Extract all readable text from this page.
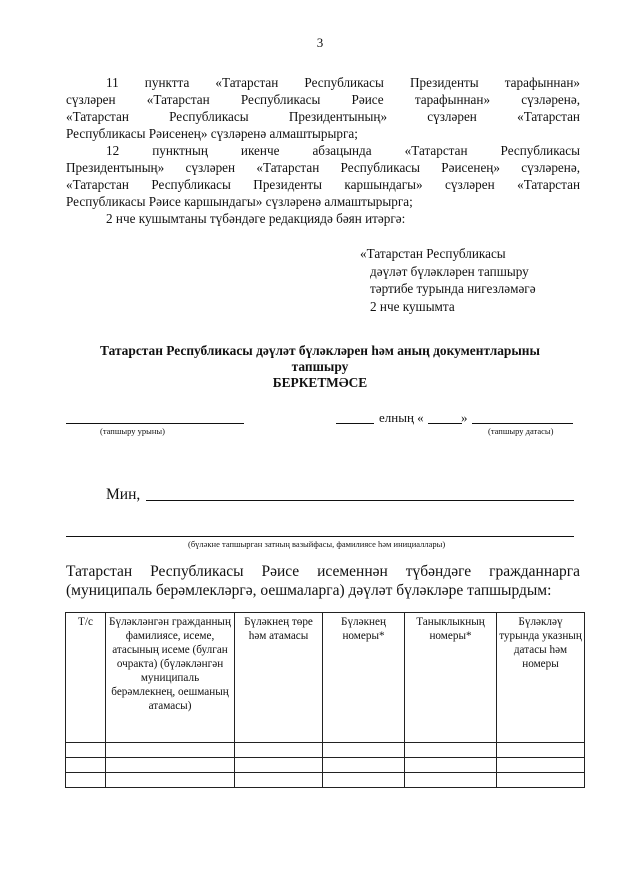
3
11 пунктта «Татарстан Республикасы Президенты тарафыннан»
сүзләрен «Татарстан Республикасы Рәисе тарафыннан» сүзләренә,
«Татарстан Республикасы Президентының» сүзләрен «Татарстан
Республикасы Рәисенең» сүзләренә алмаштырырга;
12 пунктның икенче абзацында «Татарстан Республикасы
Президентының» сүзләрен «Татарстан Республикасы Рәисенең» сүзләренә,
«Татарстан Республикасы Президенты каршындагы» сүзләрен «Татарстан
Республикасы Рәисе каршындагы» сүзләренә алмаштырырга;
2 нче кушымтаны түбәндәге редакциядә бәян итәргә:
«Татарстан Республикасы
дәүләт бүләкләрен тапшыру
тәртибе турында нигезләмәгә
2 нче кушымта
Татарстан Республикасы дәүләт бүләкләрен һәм аның документларыны
тапшыру
БЕРКЕТМӘСЕ
(тапшыру урыны)
елның «	»
(тапшыру датасы)
Мин,
(бүләкне тапшырган затның вазыйфасы, фамилиясе һәм инициаллары)
Татарстан Республикасы Рәисе исеменнән түбәндәге гражданнарга
(муниципаль берәмлекләргә, оешмаларга) дәүләт бүләкләре тапшырдым:
Т/с	Бүләкләнгән гражданның фамилиясе, исеме, атасының исеме (булган очракта) (бүләкләнгән муниципаль берәмлекнең, оешманың атамасы)	Бүләкнең төре һәм атамасы	Бүләкнең номеры*	Таныклыкның номеры*	Бүләкләү турында указның датасы һәм номеры
